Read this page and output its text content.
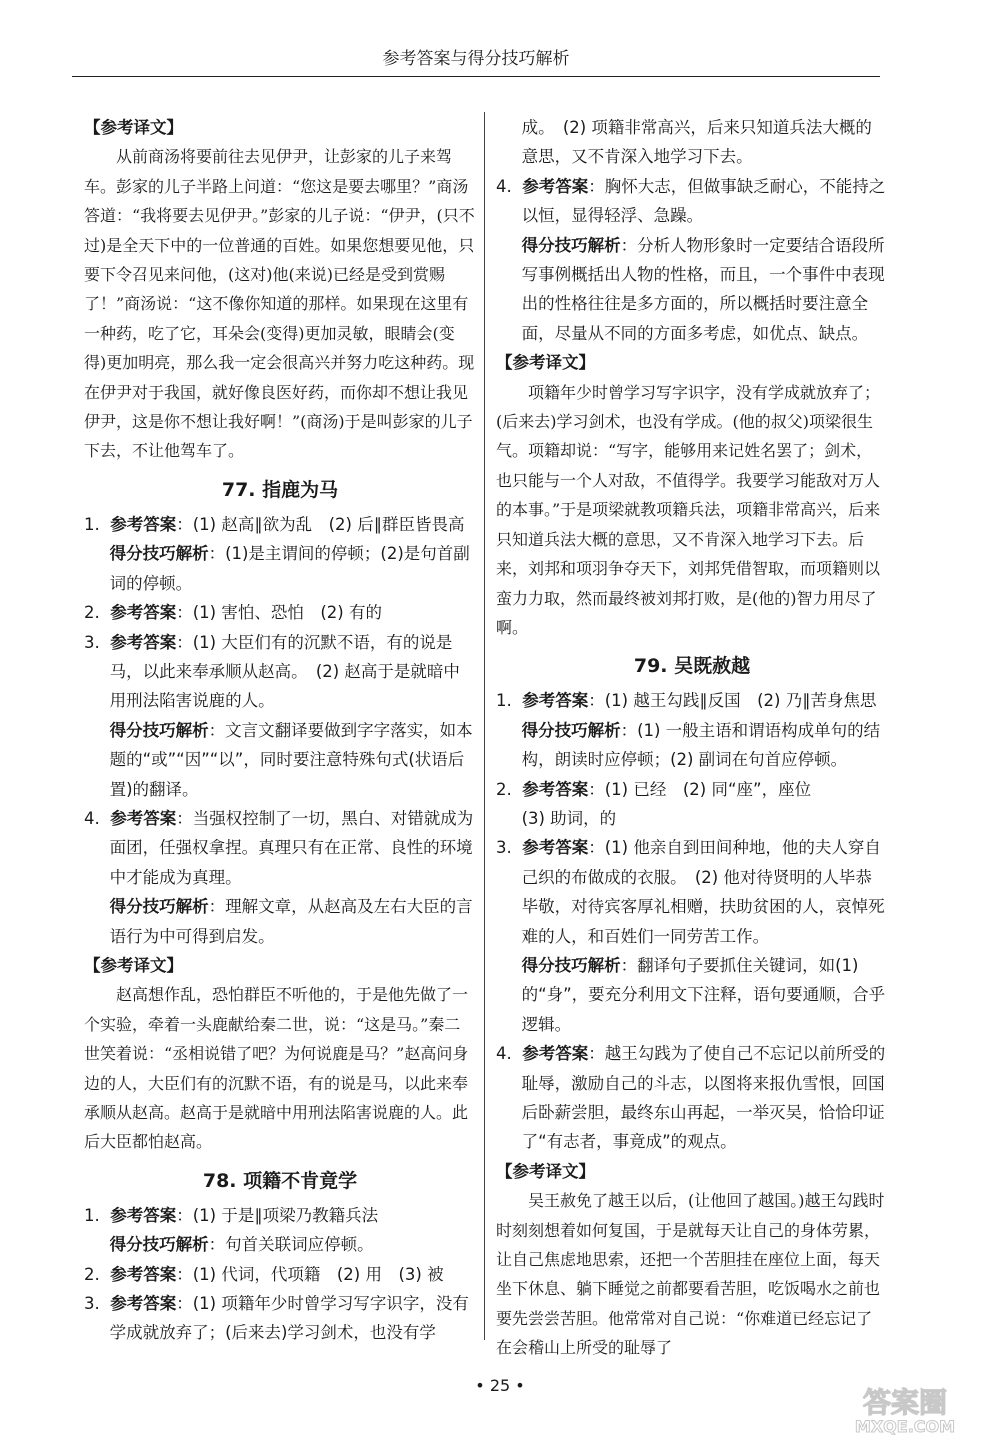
参考答案与得分技巧解析

【参考译文】

从前商汤将要前往去见伊尹，让彭家的儿子来驾车。彭家的儿子半路上问道：“您这是要去哪里？”商汤答道：“我将要去见伊尹。”彭家的儿子说：“伊尹，(只不过)是全天下中的一位普通的百姓。如果您想要见他，只要下令召见来问他，(这对)他(来说)已经是受到赏赐了！”商汤说：“这不像你知道的那样。如果现在这里有一种药，吃了它，耳朵会(变得)更加灵敏，眼睛会(变得)更加明亮，那么我一定会很高兴并努力吃这种药。现在伊尹对于我国，就好像良医好药，而你却不想让我见伊尹，这是你不想让我好啊！”(商汤)于是叫彭家的儿子下去，不让他驾车了。

77. 指鹿为马

1. 参考答案：(1) 赵高∥欲为乱　(2) 后∥群臣皆畏高

得分技巧解析：(1)是主谓间的停顿；(2)是句首副词的停顿。

2. 参考答案：(1) 害怕、恐怕　(2) 有的

3. 参考答案：(1) 大臣们有的沉默不语，有的说是马，以此来奉承顺从赵高。　(2) 赵高于是就暗中用刑法陷害说鹿的人。

得分技巧解析：文言文翻译要做到字字落实，如本题的“或”“因”“以”，同时要注意特殊句式(状语后置)的翻译。

4. 参考答案：当强权控制了一切，黑白、对错就成为面团，任强权拿捏。真理只有在正常、良性的环境中才能成为真理。

得分技巧解析：理解文章，从赵高及左右大臣的言语行为中可得到启发。

【参考译文】

赵高想作乱，恐怕群臣不听他的，于是他先做了一个实验，牵着一头鹿献给秦二世，说：“这是马。”秦二世笑着说：“丞相说错了吧？为何说鹿是马？”赵高问身边的人，大臣们有的沉默不语，有的说是马，以此来奉承顺从赵高。赵高于是就暗中用刑法陷害说鹿的人。此后大臣都怕赵高。

78. 项籍不肯竟学

1. 参考答案：(1) 于是∥项梁乃教籍兵法

得分技巧解析：句首关联词应停顿。

2. 参考答案：(1) 代词，代项籍　(2) 用　(3) 被

3. 参考答案：(1) 项籍年少时曾学习写字识字，没有学成就放弃了；(后来去)学习剑术，也没有学

成。　(2) 项籍非常高兴，后来只知道兵法大概的意思，又不肯深入地学习下去。

4. 参考答案：胸怀大志，但做事缺乏耐心，不能持之以恒，显得轻浮、急躁。

得分技巧解析：分析人物形象时一定要结合语段所写事例概括出人物的性格，而且，一个事件中表现出的性格往往是多方面的，所以概括时要注意全面，尽量从不同的方面多考虑，如优点、缺点。

【参考译文】

项籍年少时曾学习写字识字，没有学成就放弃了；(后来去)学习剑术，也没有学成。(他的叔父)项梁很生气。项籍却说：“写字，能够用来记姓名罢了；剑术，也只能与一个人对敌，不值得学。我要学习能敌对万人的本事。”于是项梁就教项籍兵法，项籍非常高兴，后来只知道兵法大概的意思，又不肯深入地学习下去。后来，刘邦和项羽争夺天下，刘邦凭借智取，而项籍则以蛮力力取，然而最终被刘邦打败，是(他的)智力用尽了啊。

79. 吴既赦越

1. 参考答案：(1) 越王勾践∥反国　(2) 乃∥苦身焦思

得分技巧解析：(1) 一般主语和谓语构成单句的结构，朗读时应停顿；(2) 副词在句首应停顿。

2. 参考答案：(1) 已经　(2) 同“座”，座位

(3) 助词，的

3. 参考答案：(1) 他亲自到田间种地，他的夫人穿自己织的布做成的衣服。　(2) 他对待贤明的人毕恭毕敬，对待宾客厚礼相赠，扶助贫困的人，哀悼死难的人，和百姓们一同劳苦工作。

得分技巧解析：翻译句子要抓住关键词，如(1)的“身”，要充分利用文下注释，语句要通顺，合乎逻辑。

4. 参考答案：越王勾践为了使自己不忘记以前所受的耻辱，激励自己的斗志，以图将来报仇雪恨，回国后卧薪尝胆，最终东山再起，一举灭吴，恰恰印证了“有志者，事竟成”的观点。

【参考译文】

吴王赦免了越王以后，(让他回了越国。)越王勾践时时刻刻想着如何复国，于是就每天让自己的身体劳累，让自己焦虑地思索，还把一个苦胆挂在座位上面，每天坐下休息、躺下睡觉之前都要看苦胆，吃饭喝水之前也要先尝尝苦胆。他常常对自己说：“你难道已经忘记了在会稽山上所受的耻辱了

• 25 •
答案圈
MXQE.COM
